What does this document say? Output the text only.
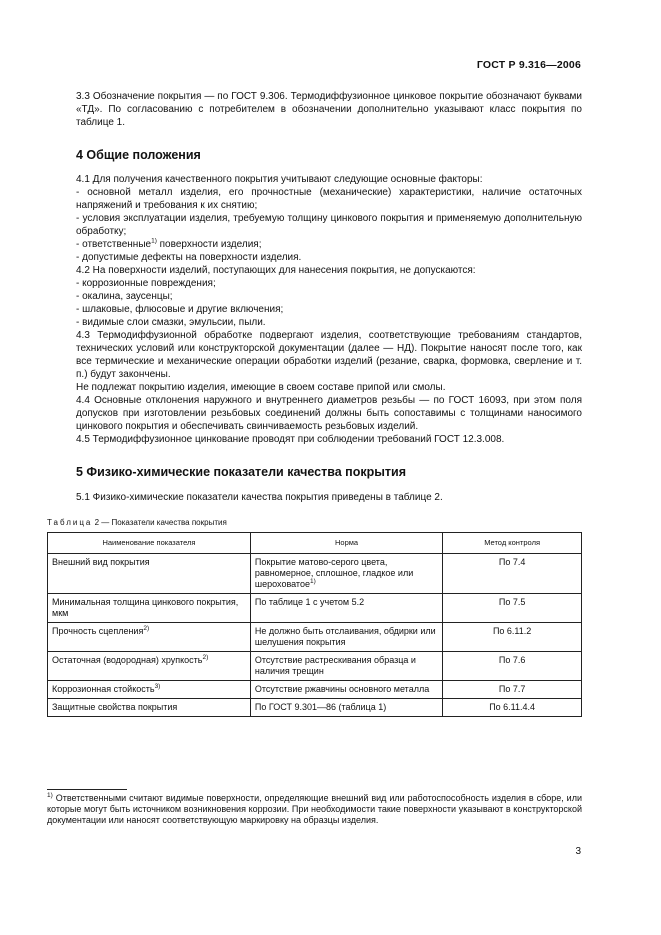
ГОСТ Р 9.316—2006

3.3 Обозначение покрытия — по ГОСТ 9.306. Термодиффузионное цинковое покрытие обозначают буквами «ТД». По согласованию с потребителем в обозначении дополнительно указывают класс покрытия по таблице 1.

4 Общие положения

4.1 Для получения качественного покрытия учитывают следующие основные факторы:

- основной металл изделия, его прочностные (механические) характеристики, наличие остаточных напряжений и требования к их снятию;

- условия эксплуатации изделия, требуемую толщину цинкового покрытия и применяемую дополнительную обработку;

- ответственные$^{1)}$ поверхности изделия;

- допустимые дефекты на поверхности изделия.

4.2 На поверхности изделий, поступающих для нанесения покрытия, не допускаются:

- коррозионные повреждения;

- окалина, заусенцы;

- шлаковые, флюсовые и другие включения;

- видимые слои смазки, эмульсии, пыли.

4.3 Термодиффузионной обработке подвергают изделия, соответствующие требованиям стандартов, технических условий или конструкторской документации (далее — НД). Покрытие наносят после того, как все термические и механические операции обработки изделий (резание, сварка, формовка, сверление и т. п.) будут закончены.

Не подлежат покрытию изделия, имеющие в своем составе припой или смолы.

4.4 Основные отклонения наружного и внутреннего диаметров резьбы — по ГОСТ 16093, при этом поля допусков при изготовлении резьбовых соединений должны быть сопоставимы с толщинами наносимого цинкового покрытия и обеспечивать свинчиваемость резьбовых изделий.

4.5 Термодиффузионное цинкование проводят при соблюдении требований ГОСТ 12.3.008.

5 Физико-химические показатели качества покрытия

5.1 Физико-химические показатели качества покрытия приведены в таблице 2.

Таблица 2 — Показатели качества покрытия
Наименование показателя	Норма	Метод контроля
Внешний вид покрытия	Покрытие матово-серого цвета, равномерное, сплошное, гладкое или шероховатое$^{1)}$	По 7.4
Минимальная толщина цинкового покрытия, мкм	По таблице 1 с учетом 5.2	По 7.5
Прочность сцепления$^{2)}$	Не должно быть отслаивания, обдирки или шелушения покрытия	По 6.11.2
Остаточная (водородная) хрупкость$^{2)}$	Отсутствие растрескивания образца и наличия трещин	По 7.6
Коррозионная стойкость$^{3)}$	Отсутствие ржавчины основного металла	По 7.7
Защитные свойства покрытия	По ГОСТ 9.301—86 (таблица 1)	По 6.11.4.4
$^{1)}$ Ответственными считают видимые поверхности, определяющие внешний вид или работоспособность изделия в сборе, или которые могут быть источником возникновения коррозии. При необходимости такие поверхности указывают в конструкторской документации или наносят соответствующую маркировку на образцы изделия.
3
